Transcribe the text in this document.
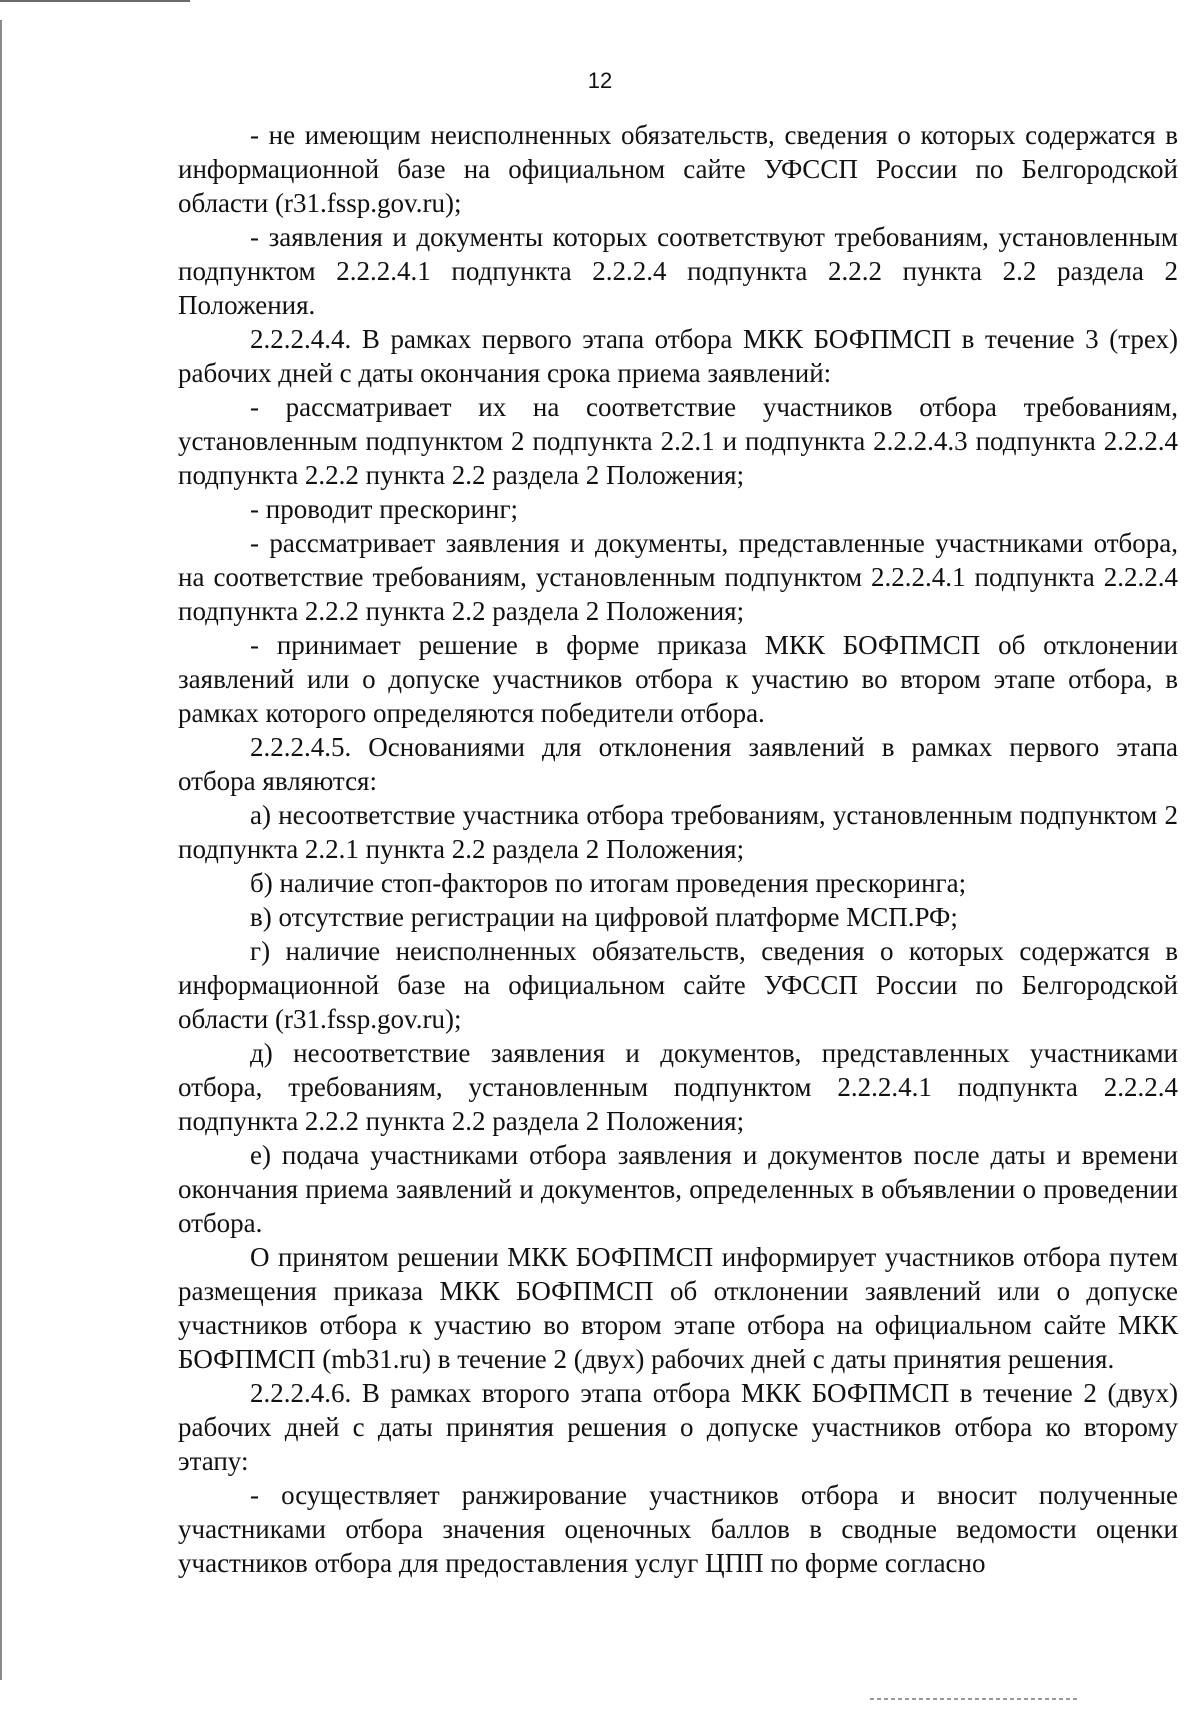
12

- не имеющим неисполненных обязательств, сведения о которых содержатся в информационной базе на официальном сайте УФССП России по Белгородской области (r31.fssp.gov.ru);

- заявления и документы которых соответствуют требованиям, установленным подпунктом 2.2.2.4.1 подпункта 2.2.2.4 подпункта 2.2.2 пункта 2.2 раздела 2 Положения.

2.2.2.4.4. В рамках первого этапа отбора МКК БОФПМСП в течение 3 (трех) рабочих дней с даты окончания срока приема заявлений:

- рассматривает их на соответствие участников отбора требованиям, установленным подпунктом 2 подпункта 2.2.1 и подпункта 2.2.2.4.3 подпункта 2.2.2.4 подпункта 2.2.2 пункта 2.2 раздела 2 Положения;

- проводит прескоринг;

- рассматривает заявления и документы, представленные участниками отбора, на соответствие требованиям, установленным подпунктом 2.2.2.4.1 подпункта 2.2.2.4 подпункта 2.2.2 пункта 2.2 раздела 2 Положения;

- принимает решение в форме приказа МКК БОФПМСП об отклонении заявлений или о допуске участников отбора к участию во втором этапе отбора, в рамках которого определяются победители отбора.

2.2.2.4.5. Основаниями для отклонения заявлений в рамках первого этапа отбора являются:

а) несоответствие участника отбора требованиям, установленным подпунктом 2 подпункта 2.2.1 пункта 2.2 раздела 2 Положения;

б) наличие стоп-факторов по итогам проведения прескоринга;

в) отсутствие регистрации на цифровой платформе МСП.РФ;

г) наличие неисполненных обязательств, сведения о которых содержатся в информационной базе на официальном сайте УФССП России по Белгородской области (r31.fssp.gov.ru);

д) несоответствие заявления и документов, представленных участниками отбора, требованиям, установленным подпунктом 2.2.2.4.1 подпункта 2.2.2.4 подпункта 2.2.2 пункта 2.2 раздела 2 Положения;

е) подача участниками отбора заявления и документов после даты и времени окончания приема заявлений и документов, определенных в объявлении о проведении отбора.

О принятом решении МКК БОФПМСП информирует участников отбора путем размещения приказа МКК БОФПМСП об отклонении заявлений или о допуске участников отбора к участию во втором этапе отбора на официальном сайте МКК БОФПМСП (mb31.ru) в течение 2 (двух) рабочих дней с даты принятия решения.

2.2.2.4.6. В рамках второго этапа отбора МКК БОФПМСП в течение 2 (двух) рабочих дней с даты принятия решения о допуске участников отбора ко второму этапу:

- осуществляет ранжирование участников отбора и вносит полученные участниками отбора значения оценочных баллов в сводные ведомости оценки участников отбора для предоставления услуг ЦПП по форме согласно
